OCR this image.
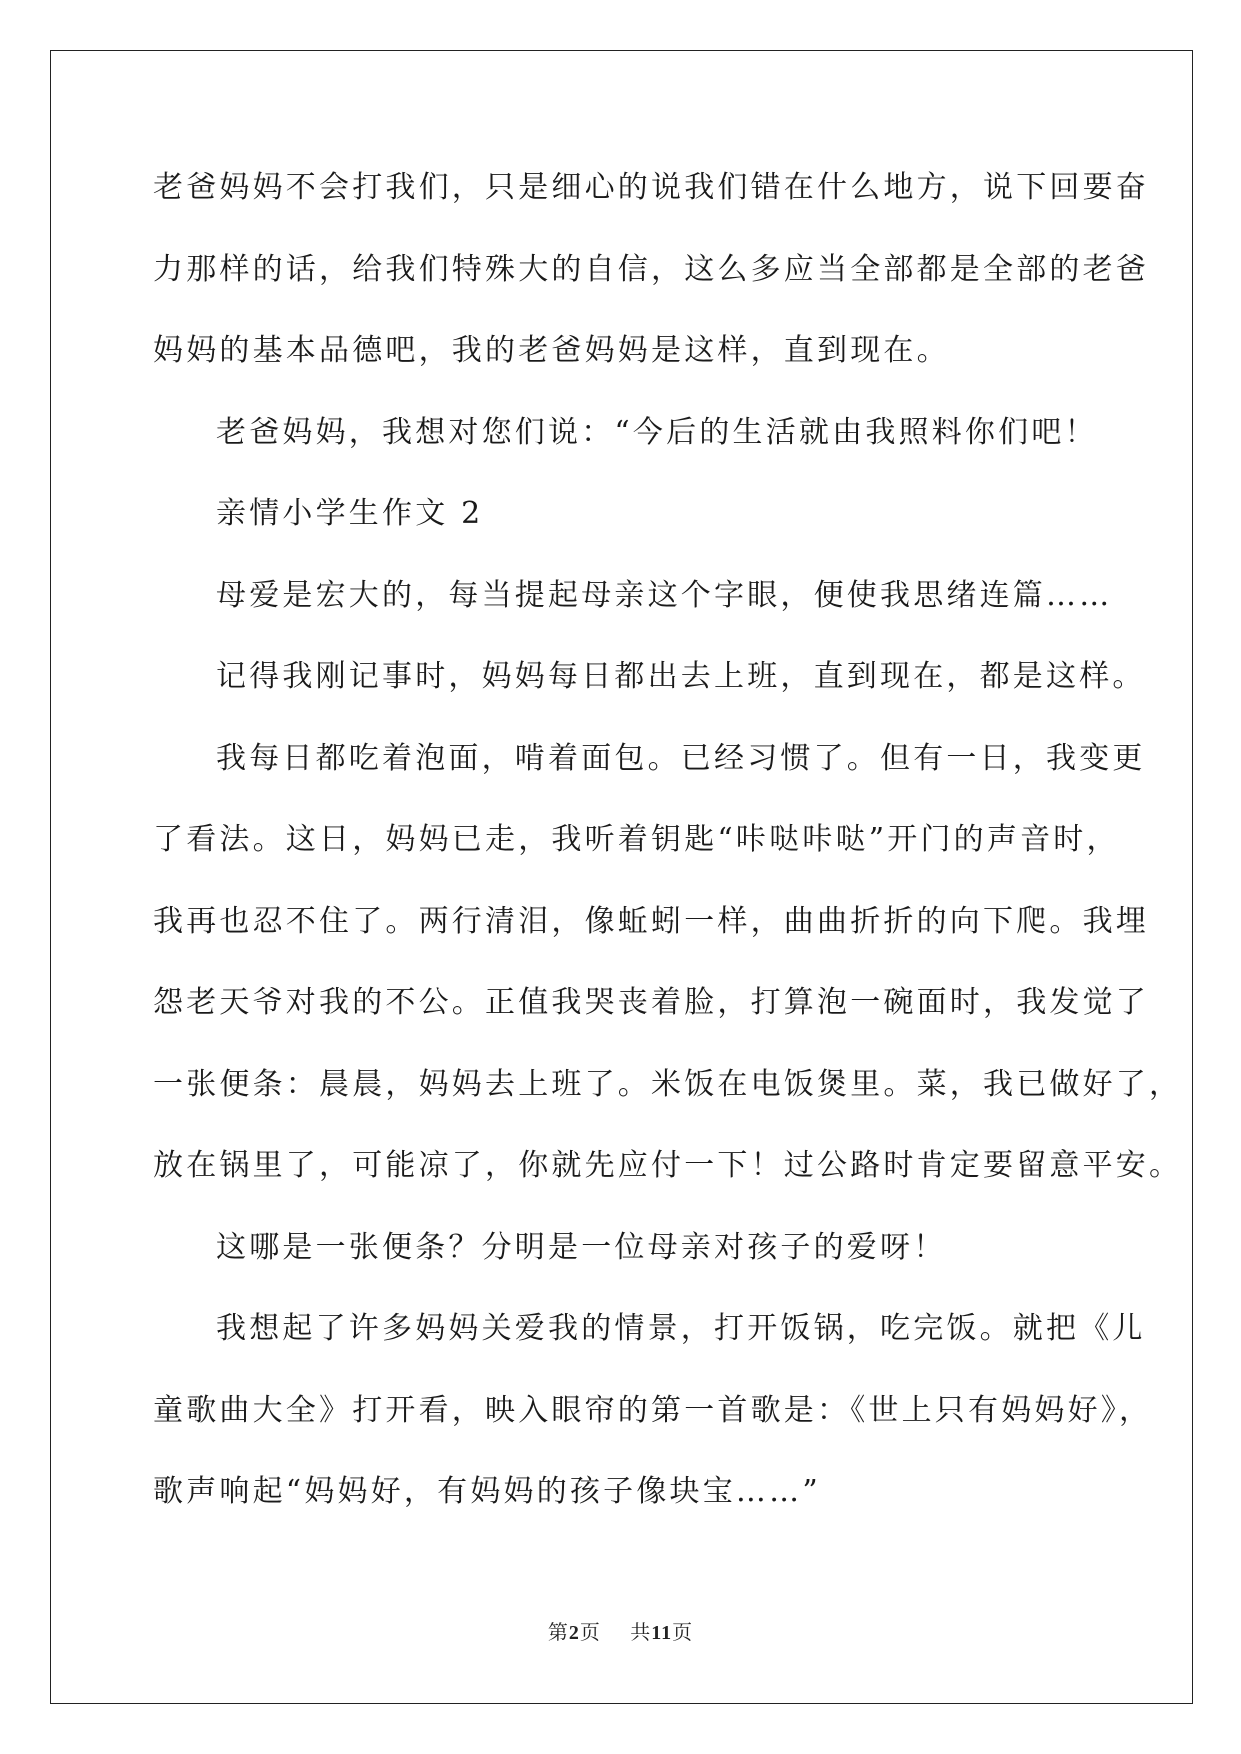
老爸妈妈不会打我们，只是细心的说我们错在什么地方，说下回要奋
力那样的话，给我们特殊大的自信，这么多应当全部都是全部的老爸
妈妈的基本品德吧，我的老爸妈妈是这样，直到现在。
老爸妈妈，我想对您们说：“今后的生活就由我照料你们吧！
亲情小学生作文 2
母爱是宏大的，每当提起母亲这个字眼，便使我思绪连篇……
记得我刚记事时，妈妈每日都出去上班，直到现在，都是这样。
我每日都吃着泡面，啃着面包。已经习惯了。但有一日，我变更
了看法。这日，妈妈已走，我听着钥匙“咔哒咔哒”开门的声音时，
我再也忍不住了。两行清泪，像蚯蚓一样，曲曲折折的向下爬。我埋
怨老天爷对我的不公。正值我哭丧着脸，打算泡一碗面时，我发觉了
一张便条：晨晨，妈妈去上班了。米饭在电饭煲里。菜，我已做好了，
放在锅里了，可能凉了，你就先应付一下！过公路时肯定要留意平安。
这哪是一张便条？分明是一位母亲对孩子的爱呀！
我想起了许多妈妈关爱我的情景，打开饭锅，吃完饭。就把《儿
童歌曲大全》打开看，映入眼帘的第一首歌是：《世上只有妈妈好》，
歌声响起“妈妈好，有妈妈的孩子像块宝……”
第2页 共11页
